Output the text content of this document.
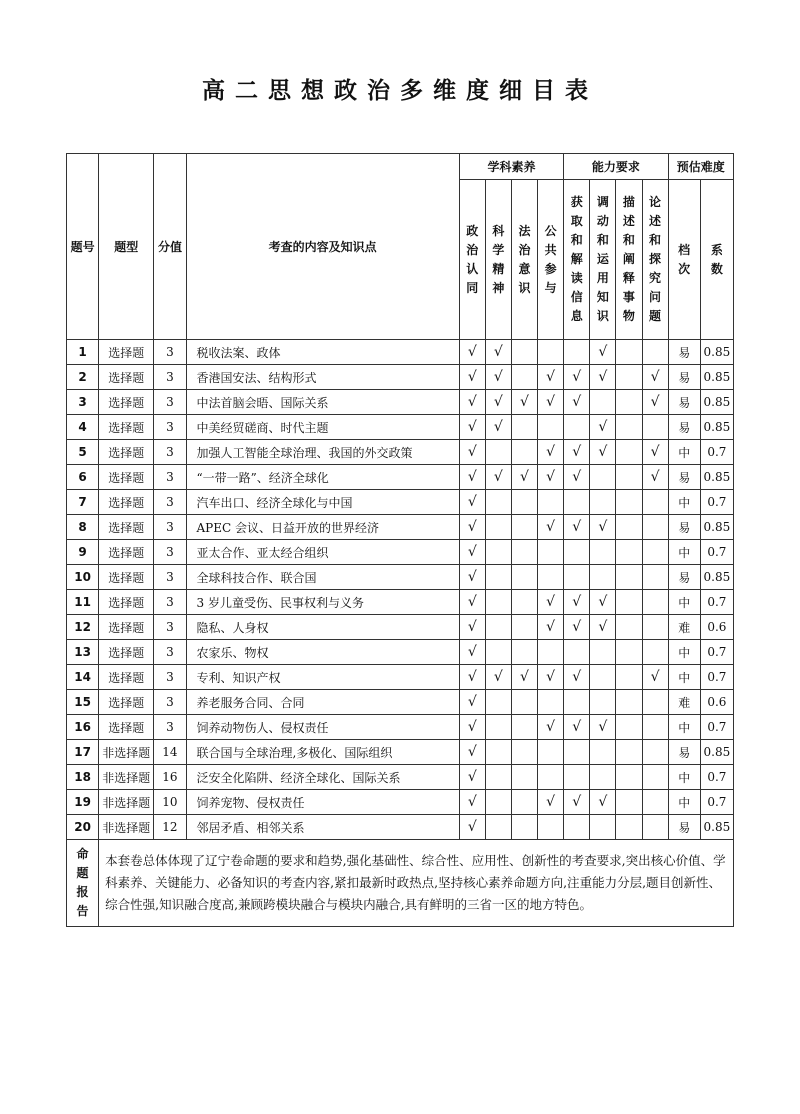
高二思想政治多维度细目表
题号	题型	分值	考查的内容及知识点	学科素养				能力要求				预估难度	
				政治认同	科学精神	法治意识	公共参与	获取和解读信息	调动和运用知识	描述和阐释事物	论述和探究问题	档次	系数
1	选择题	3	税收法案、政体	√	√				√			易	0.85
2	选择题	3	香港国安法、结构形式	√	√		√	√	√		√	易	0.85
3	选择题	3	中法首脑会晤、国际关系	√	√	√	√	√			√	易	0.85
4	选择题	3	中美经贸磋商、时代主题	√	√				√			易	0.85
5	选择题	3	加强人工智能全球治理、我国的外交政策	√			√	√	√		√	中	0.7
6	选择题	3	“一带一路”、经济全球化	√	√	√	√	√			√	易	0.85
7	选择题	3	汽车出口、经济全球化与中国	√								中	0.7
8	选择题	3	APEC 会议、日益开放的世界经济	√			√	√	√			易	0.85
9	选择题	3	亚太合作、亚太经合组织	√								中	0.7
10	选择题	3	全球科技合作、联合国	√								易	0.85
11	选择题	3	3 岁儿童受伤、民事权利与义务	√			√	√	√			中	0.7
12	选择题	3	隐私、人身权	√			√	√	√			难	0.6
13	选择题	3	农家乐、物权	√								中	0.7
14	选择题	3	专利、知识产权	√	√	√	√	√			√	中	0.7
15	选择题	3	养老服务合同、合同	√								难	0.6
16	选择题	3	饲养动物伤人、侵权责任	√			√	√	√			中	0.7
17	非选择题	14	联合国与全球治理,多极化、国际组织	√								易	0.85
18	非选择题	16	泛安全化陷阱、经济全球化、国际关系	√								中	0.7
19	非选择题	10	饲养宠物、侵权责任	√			√	√	√			中	0.7
20	非选择题	12	邻居矛盾、相邻关系	√								易	0.85
命题报告	本套卷总体体现了辽宁卷命题的要求和趋势,强化基础性、综合性、应用性、创新性的考查要求,突出核心价值、学科素养、关键能力、必备知识的考查内容,紧扣最新时政热点,坚持核心素养命题方向,注重能力分层,题目创新性、综合性强,知识融合度高,兼顾跨模块融合与模块内融合,具有鲜明的三省一区的地方特色。												
